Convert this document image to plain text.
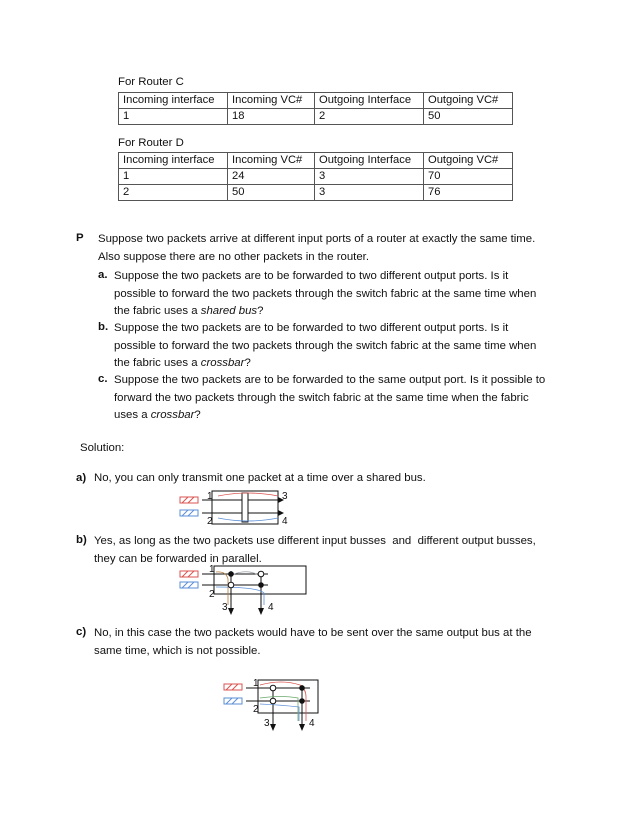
For Router C
Incoming interface	Incoming VC#	Outgoing Interface	Outgoing VC#
1	18	2	50
For Router D
Incoming interface	Incoming VC#	Outgoing Interface	Outgoing VC#
1	24	3	70
2	50	3	76
P Suppose two packets arrive at different input ports of a router at exactly the same time.
Also suppose there are no other packets in the router.
a. Suppose the two packets are to be forwarded to two different output ports. Is it
possible to forward the two packets through the switch fabric at the same time when
the fabric uses a shared bus?
b. Suppose the two packets are to be forwarded to two different output ports. Is it
possible to forward the two packets through the switch fabric at the same time when
the fabric uses a crossbar?
c. Suppose the two packets are to be forwarded to the same output port. Is it possible to
forward the two packets through the switch fabric at the same time when the fabric
uses a crossbar?
Solution:
a) No, you can only transmit one packet at a time over a shared bus.
1
2
3
4
b) Yes, as long as the two packets use different input busses  and  different output busses,
they can be forwarded in parallel.
1
2
3	4
c) No, in this case the two packets would have to be sent over the same output bus at the
same time, which is not possible.
1
2
3	4
